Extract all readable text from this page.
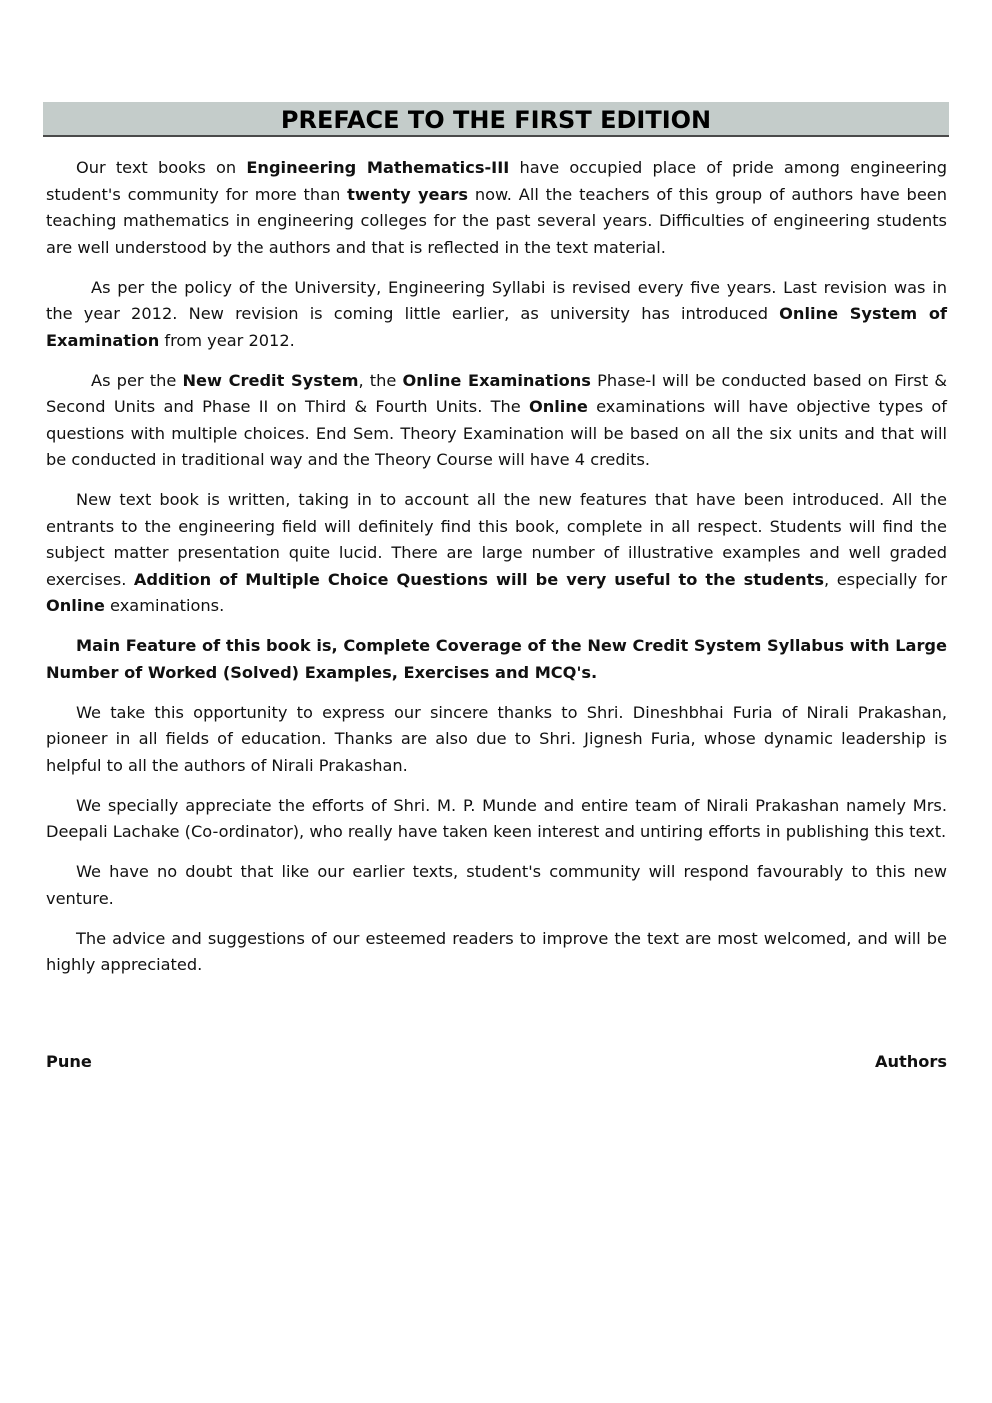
PREFACE TO THE FIRST EDITION

Our text books on Engineering Mathematics-III have occupied place of pride among engineering student's community for more than twenty years now. All the teachers of this group of authors have been teaching mathematics in engineering colleges for the past several years. Difficulties of engineering students are well understood by the authors and that is reflected in the text material.

As per the policy of the University, Engineering Syllabi is revised every five years. Last revision was in the year 2012. New revision is coming little earlier, as university has introduced Online System of Examination from year 2012.

As per the New Credit System, the Online Examinations Phase-I will be conducted based on First & Second Units and Phase II on Third & Fourth Units. The Online examinations will have objective types of questions with multiple choices. End Sem. Theory Examination will be based on all the six units and that will be conducted in traditional way and the Theory Course will have 4 credits.

New text book is written, taking in to account all the new features that have been introduced. All the entrants to the engineering field will definitely find this book, complete in all respect. Students will find the subject matter presentation quite lucid. There are large number of illustrative examples and well graded exercises. Addition of Multiple Choice Questions will be very useful to the students, especially for Online examinations.

Main Feature of this book is, Complete Coverage of the New Credit System Syllabus with Large Number of Worked (Solved) Examples, Exercises and MCQ's.

We take this opportunity to express our sincere thanks to Shri. Dineshbhai Furia of Nirali Prakashan, pioneer in all fields of education. Thanks are also due to Shri. Jignesh Furia, whose dynamic leadership is helpful to all the authors of Nirali Prakashan.

We specially appreciate the efforts of Shri. M. P. Munde and entire team of Nirali Prakashan namely Mrs. Deepali Lachake (Co-ordinator), who really have taken keen interest and untiring efforts in publishing this text.

We have no doubt that like our earlier texts, student's community will respond favourably to this new venture.

The advice and suggestions of our esteemed readers to improve the text are most welcomed, and will be highly appreciated.

Pune	Authors
